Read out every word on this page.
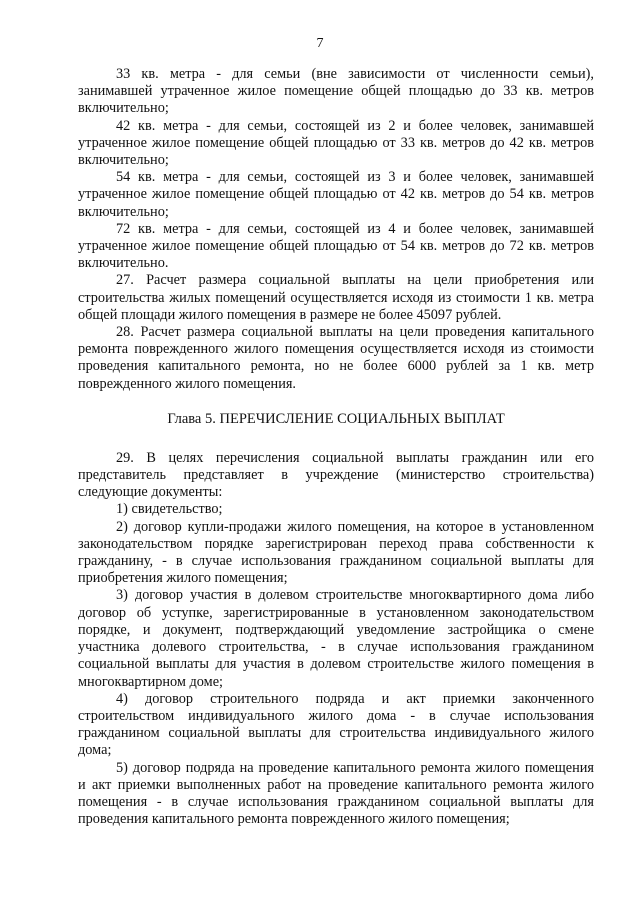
7

33 кв. метра - для семьи (вне зависимости от численности семьи), занимавшей утраченное жилое помещение общей площадью до 33 кв. метров включительно;

42 кв. метра - для семьи, состоящей из 2 и более человек, занимавшей утраченное жилое помещение общей площадью от 33 кв. метров до 42 кв. метров включительно;

54 кв. метра - для семьи, состоящей из 3 и более человек, занимавшей утраченное жилое помещение общей площадью от 42 кв. метров до 54 кв. метров включительно;

72 кв. метра - для семьи, состоящей из 4 и более человек, занимавшей утраченное жилое помещение общей площадью от 54 кв. метров до 72 кв. метров включительно.

27. Расчет размера социальной выплаты на цели приобретения или строительства жилых помещений осуществляется исходя из стоимости 1 кв. метра общей площади жилого помещения в размере не более 45097 рублей.

28. Расчет размера социальной выплаты на цели проведения капитального ремонта поврежденного жилого помещения осуществляется исходя из стоимости проведения капитального ремонта, но не более 6000 рублей за 1 кв. метр поврежденного жилого помещения.

Глава 5. ПЕРЕЧИСЛЕНИЕ СОЦИАЛЬНЫХ ВЫПЛАТ

29. В целях перечисления социальной выплаты гражданин или его представитель представляет в учреждение (министерство строительства) следующие документы:

1) свидетельство;

2) договор купли-продажи жилого помещения, на которое в установленном законодательством порядке зарегистрирован переход права собственности к гражданину, - в случае использования гражданином социальной выплаты для приобретения жилого помещения;

3) договор участия в долевом строительстве многоквартирного дома либо договор об уступке, зарегистрированные в установленном законодательством порядке, и документ, подтверждающий уведомление застройщика о смене участника долевого строительства, - в случае использования гражданином социальной выплаты для участия в долевом строительстве жилого помещения в многоквартирном доме;

4) договор строительного подряда и акт приемки законченного строительством индивидуального жилого дома - в случае использования гражданином социальной выплаты для строительства индивидуального жилого дома;

5) договор подряда на проведение капитального ремонта жилого помещения и акт приемки выполненных работ на проведение капитального ремонта жилого помещения - в случае использования гражданином социальной выплаты для проведения капитального ремонта поврежденного жилого помещения;
